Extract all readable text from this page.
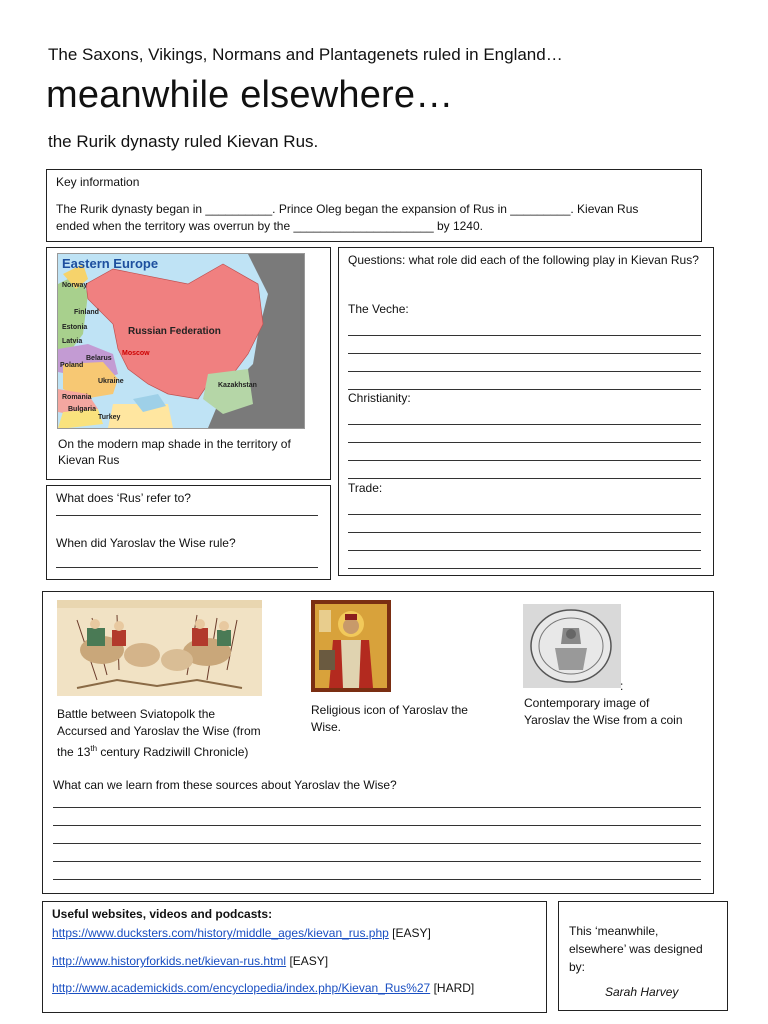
The Saxons, Vikings, Normans and Plantagenets ruled in England…
meanwhile elsewhere…
the Rurik dynasty ruled Kievan Rus.
Key information
The Rurik dynasty began in __________. Prince Oleg began the expansion of Rus in _________. Kievan Rus
ended when the territory was overrun by the _____________________ by 1240.
Eastern Europe
Russian Federation
Norway
Finland
Estonia
Latvia
Belarus
Poland
Ukraine
Romania
Bulgaria
Turkey
Kazakhstan
Moscow
On the modern map shade in the territory of Kievan Rus
Questions: what role did each of the following play in Kievan Rus?
The Veche:
Christianity:
Trade:
What does ‘Rus’ refer to?
When did Yaroslav the Wise rule?
Battle between Sviatopolk the
Accursed and Yaroslav the Wise (from
the 13th century Radziwill Chronicle)
Religious icon of Yaroslav the
Wise.
:
Contemporary image of
Yaroslav the Wise from a coin
What can we learn from these sources about Yaroslav the Wise?
Useful websites, videos and podcasts:
https://www.ducksters.com/history/middle_ages/kievan_rus.php [EASY]
http://www.historyforkids.net/kievan-rus.html [EASY]
http://www.academickids.com/encyclopedia/index.php/Kievan_Rus%27 [HARD]
This ‘meanwhile,
elsewhere’ was designed
by:
Sarah Harvey
